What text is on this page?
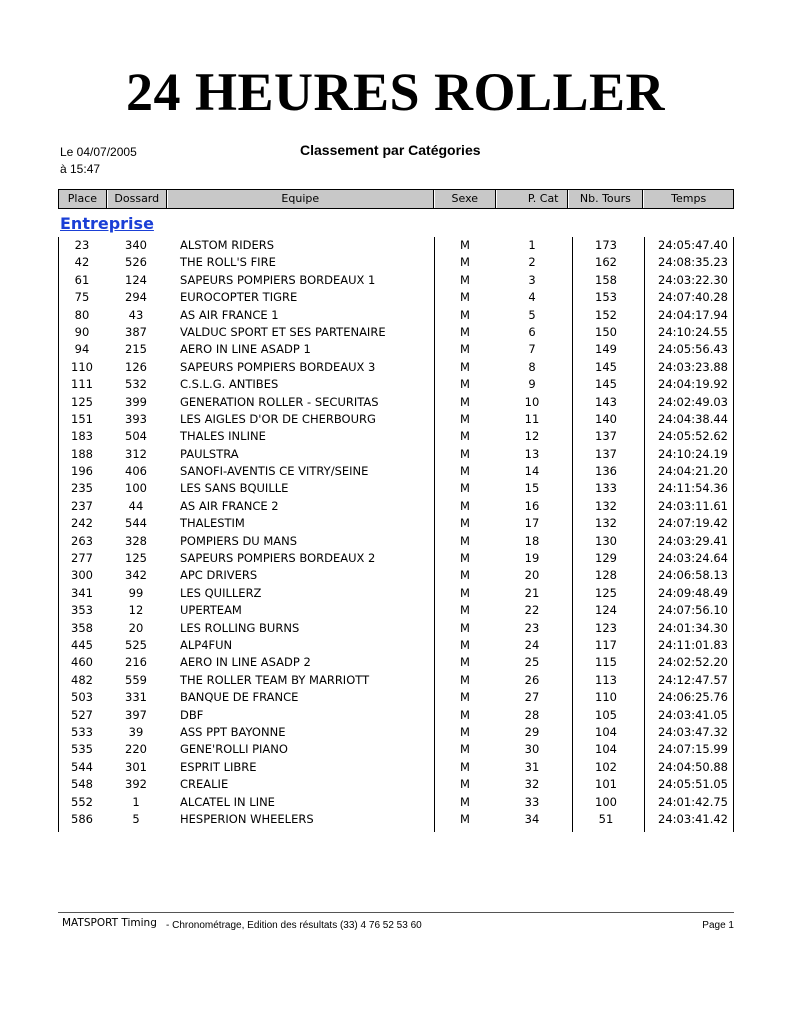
24 HEURES ROLLER
Le 04/07/2005
à 15:47
Classement par Catégories
Place	Dossard	Equipe	Sexe	P. Cat	Nb. Tours	Temps
Entreprise
23	340	ALSTOM RIDERS	M	1	173	24:05:47.40
42	526	THE ROLL'S FIRE	M	2	162	24:08:35.23
61	124	SAPEURS POMPIERS BORDEAUX 1	M	3	158	24:03:22.30
75	294	EUROCOPTER TIGRE	M	4	153	24:07:40.28
80	43	AS AIR FRANCE 1	M	5	152	24:04:17.94
90	387	VALDUC SPORT ET SES PARTENAIRE	M	6	150	24:10:24.55
94	215	AERO IN LINE ASADP 1	M	7	149	24:05:56.43
110	126	SAPEURS POMPIERS BORDEAUX 3	M	8	145	24:03:23.88
111	532	C.S.L.G. ANTIBES	M	9	145	24:04:19.92
125	399	GENERATION ROLLER - SECURITAS	M	10	143	24:02:49.03
151	393	LES AIGLES D'OR DE CHERBOURG	M	11	140	24:04:38.44
183	504	THALES INLINE	M	12	137	24:05:52.62
188	312	PAULSTRA	M	13	137	24:10:24.19
196	406	SANOFI-AVENTIS CE VITRY/SEINE	M	14	136	24:04:21.20
235	100	LES SANS BQUILLE	M	15	133	24:11:54.36
237	44	AS AIR FRANCE 2	M	16	132	24:03:11.61
242	544	THALESTIM	M	17	132	24:07:19.42
263	328	POMPIERS DU MANS	M	18	130	24:03:29.41
277	125	SAPEURS POMPIERS BORDEAUX 2	M	19	129	24:03:24.64
300	342	APC DRIVERS	M	20	128	24:06:58.13
341	99	LES QUILLERZ	M	21	125	24:09:48.49
353	12	UPERTEAM	M	22	124	24:07:56.10
358	20	LES ROLLING BURNS	M	23	123	24:01:34.30
445	525	ALP4FUN	M	24	117	24:11:01.83
460	216	AERO IN LINE ASADP 2	M	25	115	24:02:52.20
482	559	THE ROLLER TEAM BY MARRIOTT	M	26	113	24:12:47.57
503	331	BANQUE DE FRANCE	M	27	110	24:06:25.76
527	397	DBF	M	28	105	24:03:41.05
533	39	ASS PPT BAYONNE	M	29	104	24:03:47.32
535	220	GENE'ROLLI PIANO	M	30	104	24:07:15.99
544	301	ESPRIT LIBRE	M	31	102	24:04:50.88
548	392	CREALIE	M	32	101	24:05:51.05
552	1	ALCATEL IN LINE	M	33	100	24:01:42.75
586	5	HESPERION WHEELERS	M	34	51	24:03:41.42
MATSPORT Timing - Chronométrage, Edition des résultats (33) 4 76 52 53 60	Page 1
